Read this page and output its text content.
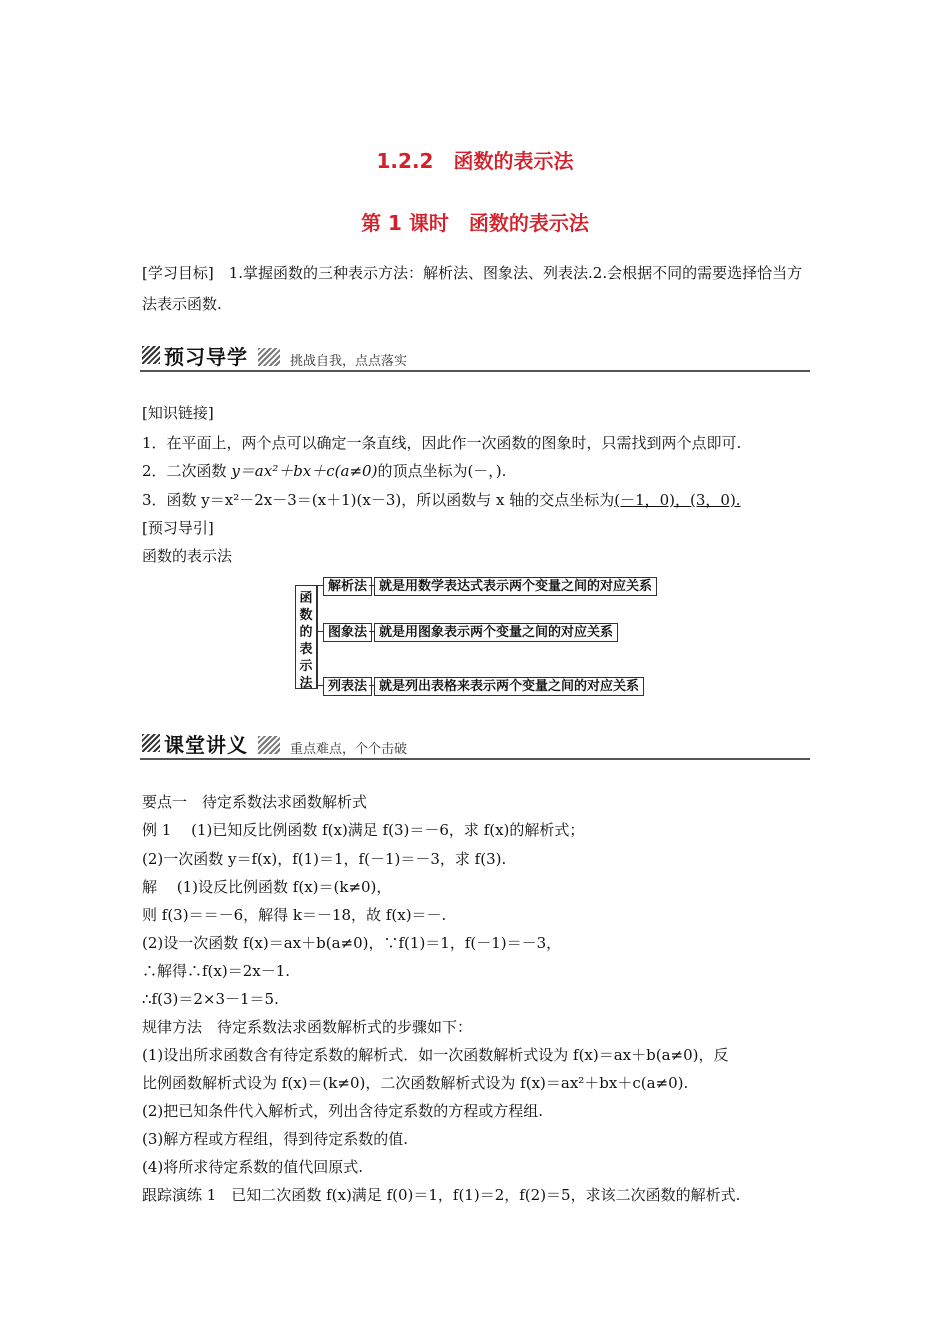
1.2.2　函数的表示法
第 1 课时　函数的表示法
[学习目标]　1.掌握函数的三种表示方法：解析法、图象法、列表法.2.会根据不同的需要选择恰当方法表示函数.
预习导学	挑战自我，点点落实
[知识链接]
1．在平面上，两个点可以确定一条直线，因此作一次函数的图象时，只需找到两个点即可.
2．二次函数 y＝ax²＋bx＋c(a≠0)的顶点坐标为(－，).
3．函数 y＝x²－2x－3＝(x＋1)(x－3)，所以函数与 x 轴的交点坐标为(－1，0)，(3，0).
[预习导引]
函数的表示法
函
数
的
表
示
法
解析法 就是用数学表达式表示两个变量之间的对应关系
图象法 就是用图象表示两个变量之间的对应关系
列表法 就是列出表格来表示两个变量之间的对应关系
课堂讲义	重点难点，个个击破
要点一　待定系数法求函数解析式
例 1　 (1)已知反比例函数 f(x)满足 f(3)＝－6，求 f(x)的解析式；
(2)一次函数 y＝f(x)，f(1)＝1，f(－1)＝－3，求 f(3).
解　 (1)设反比例函数 f(x)＝(k≠0)，
则 f(3)＝＝－6，解得 k＝－18，故 f(x)＝－.
(2)设一次函数 f(x)＝ax＋b(a≠0)，∵f(1)＝1，f(－1)＝－3，
∴解得∴f(x)＝2x－1.
∴f(3)＝2×3－1＝5.
规律方法　待定系数法求函数解析式的步骤如下：
(1)设出所求函数含有待定系数的解析式．如一次函数解析式设为 f(x)＝ax＋b(a≠0)，反
比例函数解析式设为 f(x)＝(k≠0)，二次函数解析式设为 f(x)＝ax²＋bx＋c(a≠0).
(2)把已知条件代入解析式，列出含待定系数的方程或方程组.
(3)解方程或方程组，得到待定系数的值.
(4)将所求待定系数的值代回原式.
跟踪演练 1　已知二次函数 f(x)满足 f(0)＝1，f(1)＝2，f(2)＝5，求该二次函数的解析式.
